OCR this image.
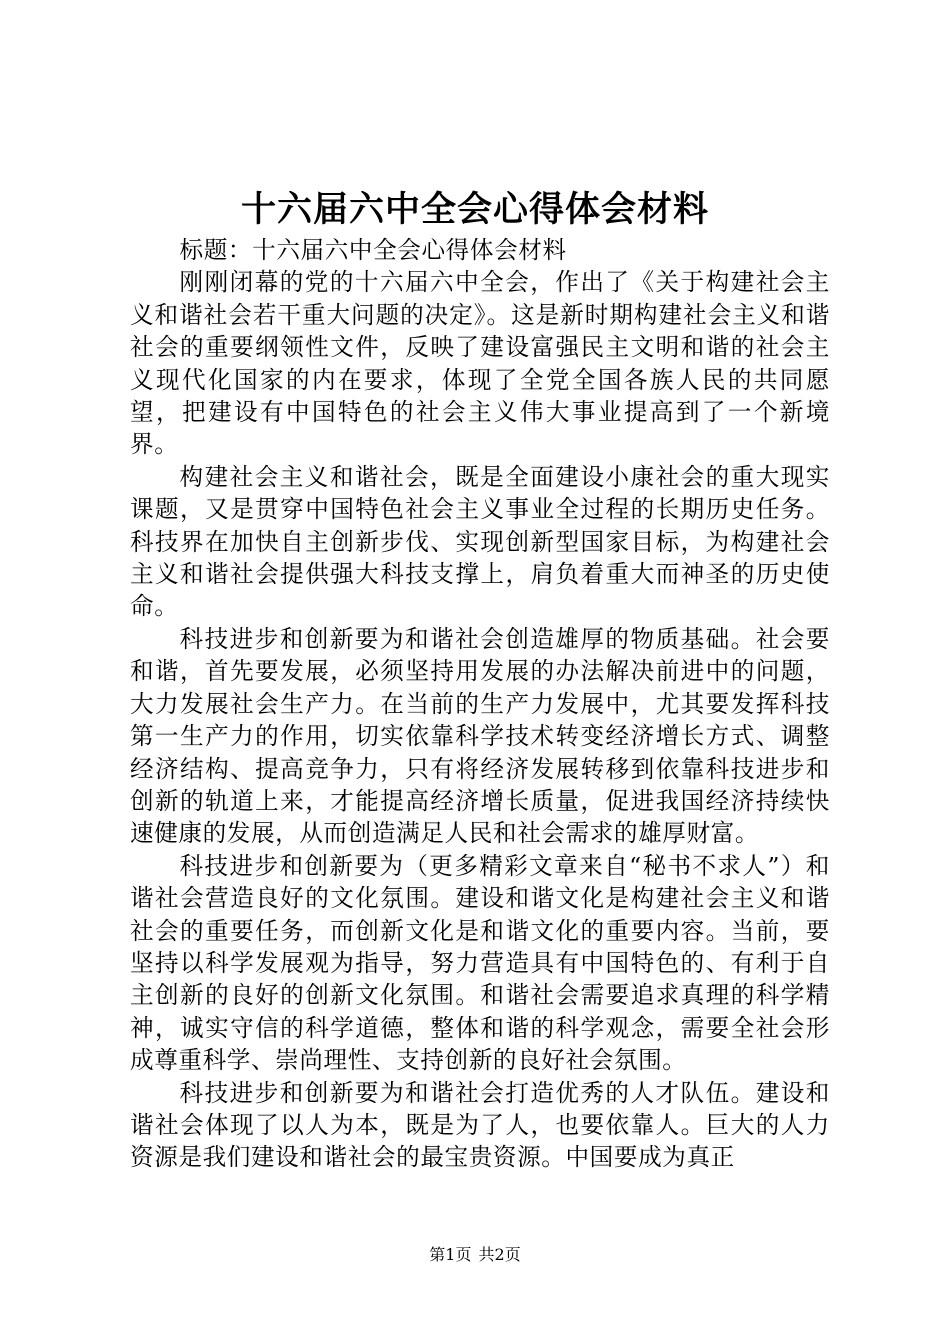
十六届六中全会心得体会材料

标题：十六届六中全会心得体会材料

刚刚闭幕的党的十六届六中全会，作出了《关于构建社会主义和谐社会若干重大问题的决定》。这是新时期构建社会主义和谐社会的重要纲领性文件，反映了建设富强民主文明和谐的社会主义现代化国家的内在要求，体现了全党全国各族人民的共同愿望，把建设有中国特色的社会主义伟大事业提高到了一个新境界。

构建社会主义和谐社会，既是全面建设小康社会的重大现实课题，又是贯穿中国特色社会主义事业全过程的长期历史任务。科技界在加快自主创新步伐、实现创新型国家目标，为构建社会主义和谐社会提供强大科技支撑上，肩负着重大而神圣的历史使命。

科技进步和创新要为和谐社会创造雄厚的物质基础。社会要和谐，首先要发展，必须坚持用发展的办法解决前进中的问题，大力发展社会生产力。在当前的生产力发展中，尤其要发挥科技第一生产力的作用，切实依靠科学技术转变经济增长方式、调整经济结构、提高竞争力，只有将经济发展转移到依靠科技进步和创新的轨道上来，才能提高经济增长质量，促进我国经济持续快速健康的发展，从而创造满足人民和社会需求的雄厚财富。

科技进步和创新要为（更多精彩文章来自“秘书不求人”）和谐社会营造良好的文化氛围。建设和谐文化是构建社会主义和谐社会的重要任务，而创新文化是和谐文化的重要内容。当前，要坚持以科学发展观为指导，努力营造具有中国特色的、有利于自主创新的良好的创新文化氛围。和谐社会需要追求真理的科学精神，诚实守信的科学道德，整体和谐的科学观念，需要全社会形成尊重科学、崇尚理性、支持创新的良好社会氛围。

科技进步和创新要为和谐社会打造优秀的人才队伍。建设和谐社会体现了以人为本，既是为了人，也要依靠人。巨大的人力资源是我们建设和谐社会的最宝贵资源。中国要成为真正

第1页 共2页
